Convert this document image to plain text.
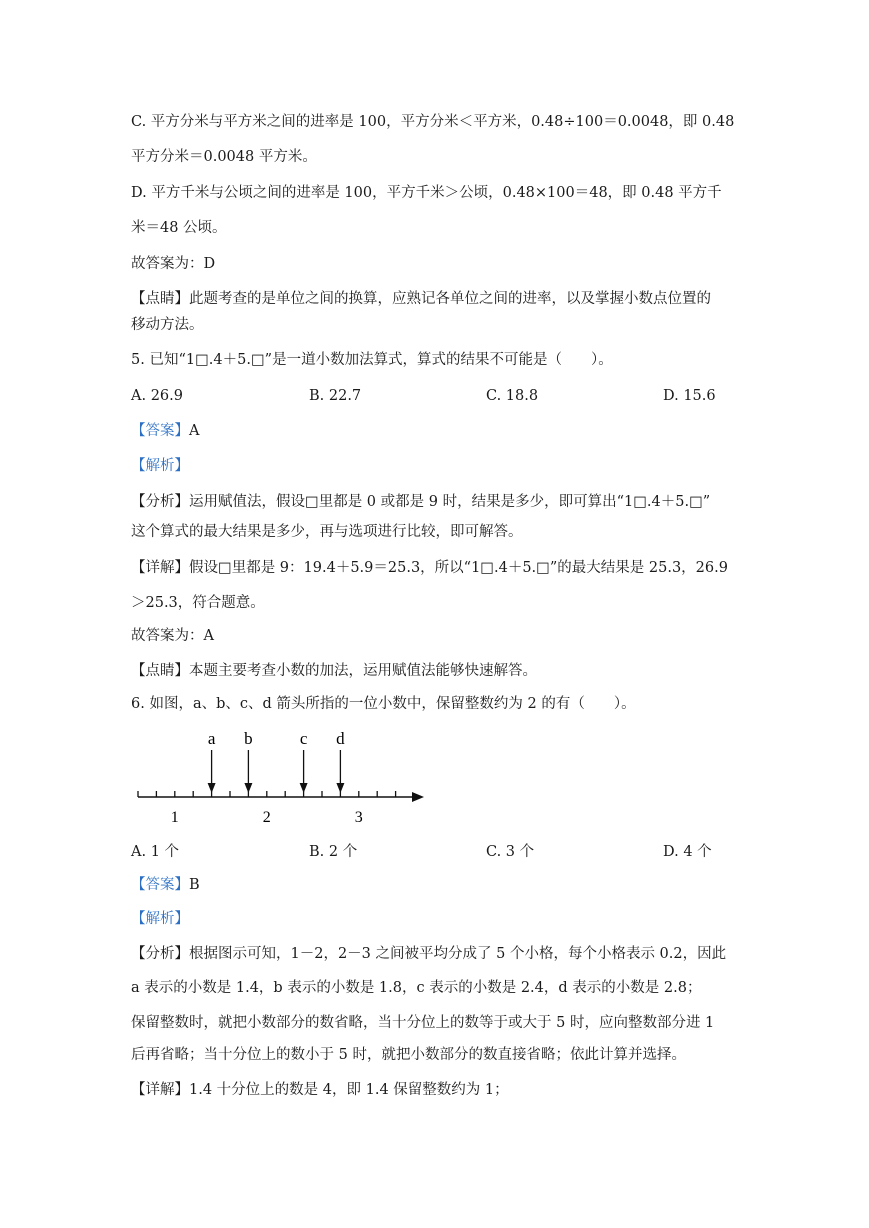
C. 平方分米与平方米之间的进率是 100，平方分米＜平方米，0.48÷100＝0.0048，即 0.48
平方分米＝0.0048 平方米。
D. 平方千米与公顷之间的进率是 100，平方千米＞公顷，0.48×100＝48，即 0.48 平方千
米＝48 公顷。
故答案为：D
【点睛】此题考查的是单位之间的换算，应熟记各单位之间的进率，以及掌握小数点位置的
移动方法。
5. 已知“1□.4＋5.□”是一道小数加法算式，算式的结果不可能是（　　）。
A. 26.9	B. 22.7	C. 18.8	D. 15.6
【答案】A
【解析】
【分析】运用赋值法，假设□里都是 0 或都是 9 时，结果是多少，即可算出“1□.4＋5.□”
这个算式的最大结果是多少，再与选项进行比较，即可解答。
【详解】假设□里都是 9：19.4＋5.9＝25.3，所以“1□.4＋5.□”的最大结果是 25.3，26.9
＞25.3，符合题意。
故答案为：A
【点睛】本题主要考查小数的加法，运用赋值法能够快速解答。
6. 如图，a、b、c、d 箭头所指的一位小数中，保留整数约为 2 的有（　　）。
1	2	3
a b	c d
A. 1 个	B. 2 个	C. 3 个	D. 4 个
【答案】B
【解析】
【分析】根据图示可知，1－2，2－3 之间被平均分成了 5 个小格，每个小格表示 0.2，因此
a 表示的小数是 1.4，b 表示的小数是 1.8，c 表示的小数是 2.4，d 表示的小数是 2.8；
保留整数时，就把小数部分的数省略，当十分位上的数等于或大于 5 时，应向整数部分进 1
后再省略；当十分位上的数小于 5 时，就把小数部分的数直接省略；依此计算并选择。
【详解】1.4 十分位上的数是 4，即 1.4 保留整数约为 1；
